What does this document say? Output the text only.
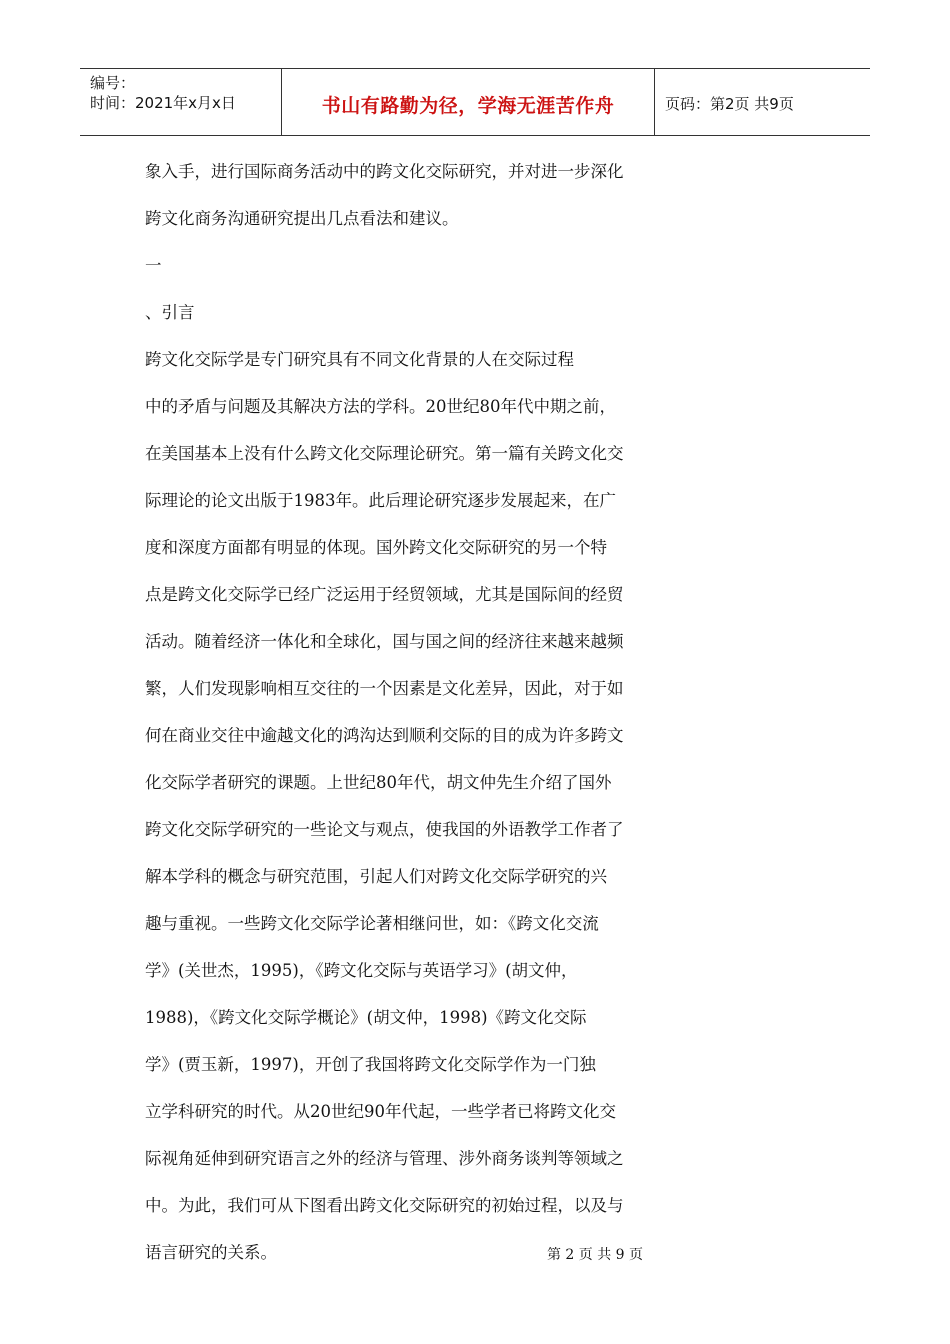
编号：
时间：2021年x月x日	书山有路勤为径，学海无涯苦作舟	页码：第2页 共9页
象入手，进行国际商务活动中的跨文化交际研究，并对进一步深化
跨文化商务沟通研究提出几点看法和建议。
一
、引言
跨文化交际学是专门研究具有不同文化背景的人在交际过程
中的矛盾与问题及其解决方法的学科。20世纪80年代中期之前，
在美国基本上没有什么跨文化交际理论研究。第一篇有关跨文化交
际理论的论文出版于1983年。此后理论研究逐步发展起来，在广
度和深度方面都有明显的体现。国外跨文化交际研究的另一个特
点是跨文化交际学已经广泛运用于经贸领域，尤其是国际间的经贸
活动。随着经济一体化和全球化，国与国之间的经济往来越来越频
繁，人们发现影响相互交往的一个因素是文化差异，因此，对于如
何在商业交往中逾越文化的鸿沟达到顺利交际的目的成为许多跨文
化交际学者研究的课题。上世纪80年代，胡文仲先生介绍了国外
跨文化交际学研究的一些论文与观点，使我国的外语教学工作者了
解本学科的概念与研究范围，引起人们对跨文化交际学研究的兴
趣与重视。一些跨文化交际学论著相继问世，如：《跨文化交流
学》(关世杰，1995)，《跨文化交际与英语学习》(胡文仲，
1988)，《跨文化交际学概论》(胡文仲，1998)《跨文化交际
学》(贾玉新，1997)，开创了我国将跨文化交际学作为一门独
立学科研究的时代。从20世纪90年代起，一些学者已将跨文化交
际视角延伸到研究语言之外的经济与管理、涉外商务谈判等领域之
中。为此，我们可从下图看出跨文化交际研究的初始过程，以及与
语言研究的关系。	第 2 页 共 9 页
